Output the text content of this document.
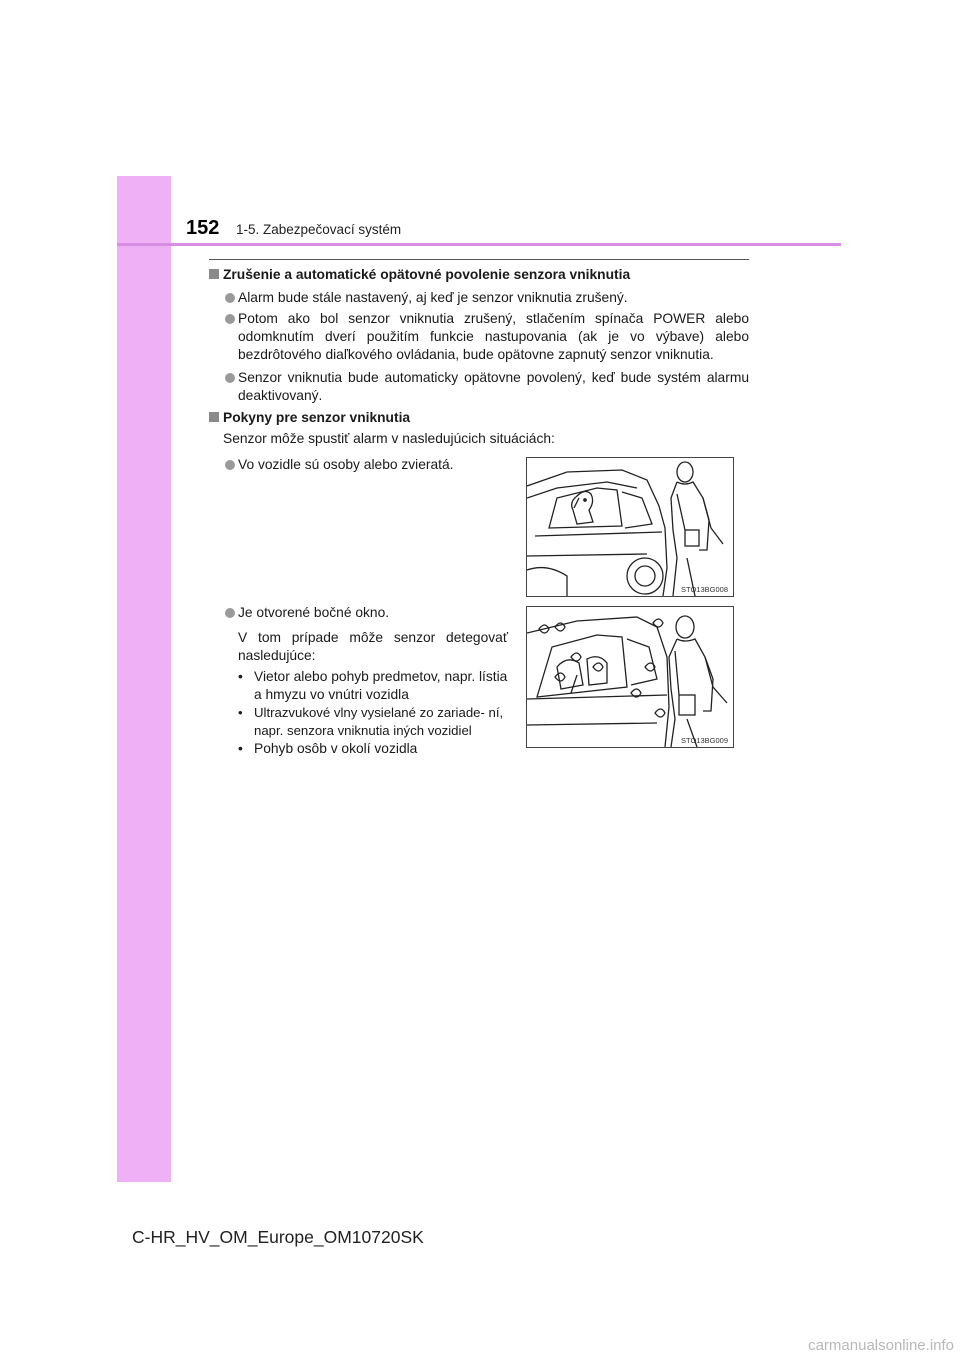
152 1-5. Zabezpečovací systém
Zrušenie a automatické opätovné povolenie senzora vniknutia
Alarm bude stále nastavený, aj keď je senzor vniknutia zrušený.
Potom ako bol senzor vniknutia zrušený, stlačením spínača POWER alebo odomknutím dverí použitím funkcie nastupovania (ak je vo výbave) alebo bezdrôtového diaľkového ovládania, bude opätovne zapnutý senzor vniknutia.
Senzor vniknutia bude automaticky opätovne povolený, keď bude systém alarmu deaktivovaný.
Pokyny pre senzor vniknutia
Senzor môže spustiť alarm v nasledujúcich situáciách:
Vo vozidle sú osoby alebo zvieratá.
STO13BG008
Je otvorené bočné okno.
V tom prípade môže senzor detegovať nasledujúce:
• Vietor alebo pohyb predmetov, napr. lístia a hmyzu vo vnútri vozidla
• Ultrazvukové vlny vysielané zo zariade- ní, napr. senzora vniknutia iných vozidiel
• Pohyb osôb v okolí vozidla
STO13BG009
C-HR_HV_OM_Europe_OM10720SK
carmanualsonline.info
